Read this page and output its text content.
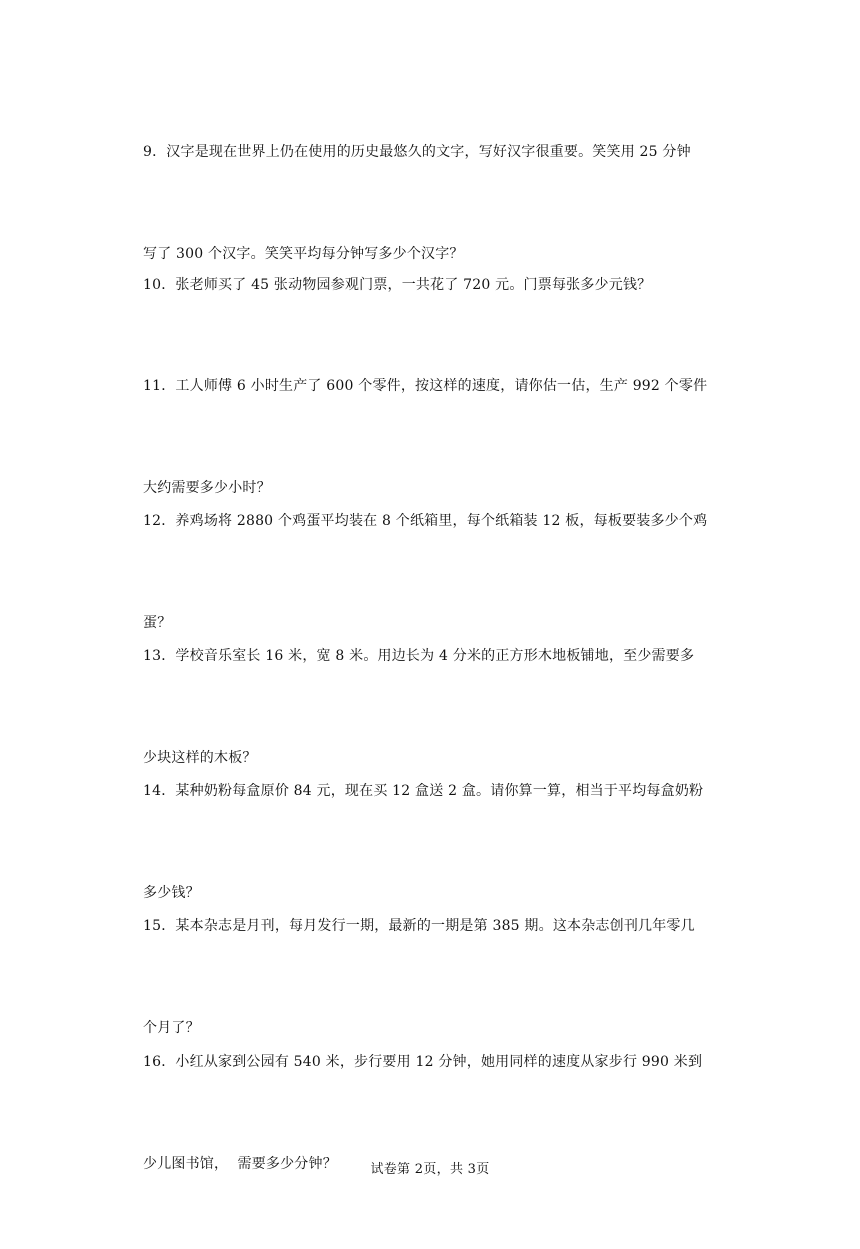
9．汉字是现在世界上仍在使用的历史最悠久的文字，写好汉字很重要。笑笑用 25 分钟

写了 300 个汉字。笑笑平均每分钟写多少个汉字？

10．张老师买了 45 张动物园参观门票，一共花了 720 元。门票每张多少元钱？

11．工人师傅 6 小时生产了 600 个零件，按这样的速度，请你估一估，生产 992 个零件

大约需要多少小时？

12．养鸡场将 2880 个鸡蛋平均装在 8 个纸箱里，每个纸箱装 12 板，每板要装多少个鸡

蛋？

13．学校音乐室长 16 米，宽 8 米。用边长为 4 分米的正方形木地板铺地，至少需要多

少块这样的木板？

14．某种奶粉每盒原价 84 元，现在买 12 盒送 2 盒。请你算一算，相当于平均每盒奶粉

多少钱？

15．某本杂志是月刊，每月发行一期，最新的一期是第 385 期。这本杂志创刊几年零几

个月了？

16．小红从家到公园有 540 米，步行要用 12 分钟，她用同样的速度从家步行 990 米到

少儿图书馆，  需要多少分钟？

	试卷第 2页，共 3页
